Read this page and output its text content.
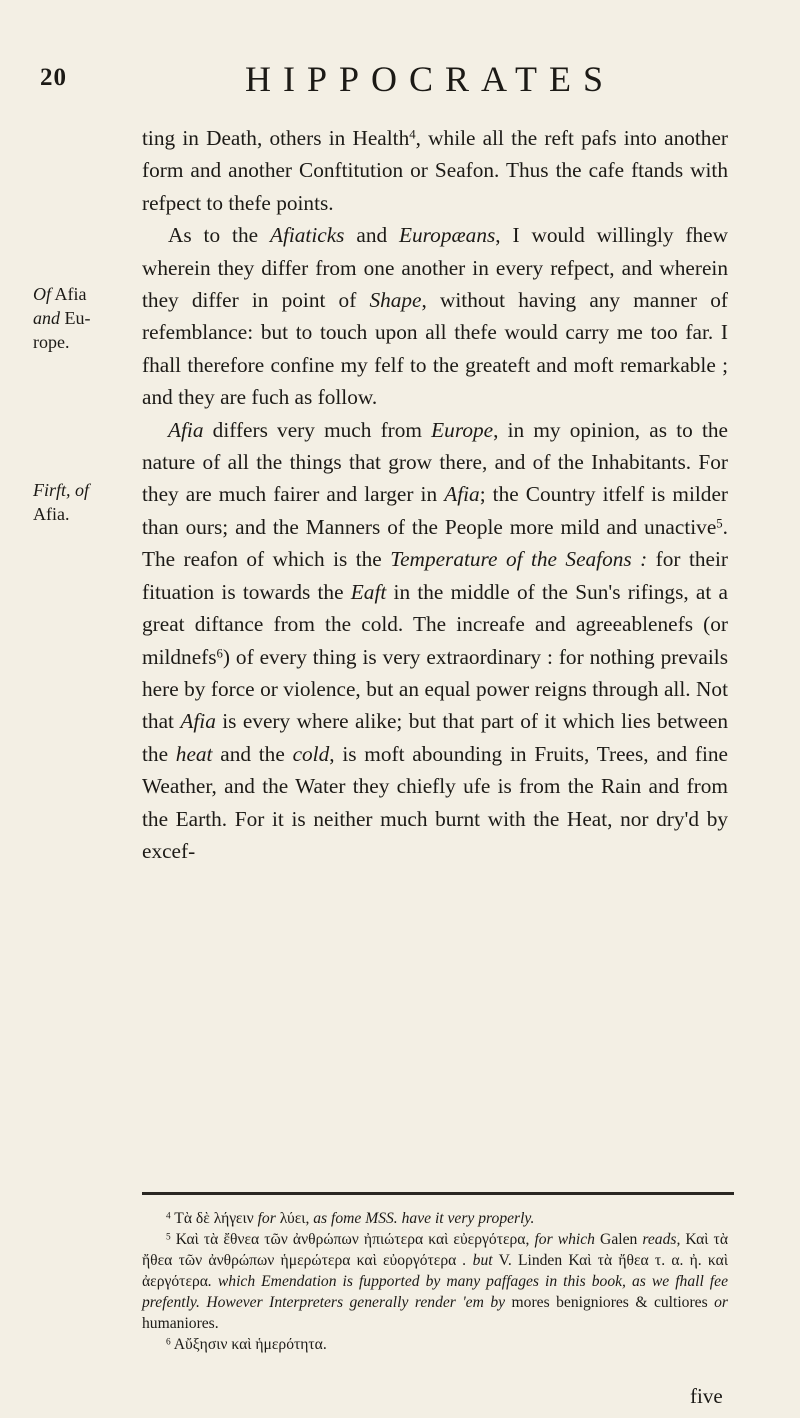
20	HIPPOCRATES
Of Afia
and Eu-
rope.
Firft, of
Afia.

ting in Death, others in Health$^4$, while all the reft pafs into another form and another Conftitution or Seafon. Thus the cafe ftands with refpect to thefe points.

As to the Afiaticks and Europæans, I would willingly fhew wherein they differ from one another in every refpect, and wherein they differ in point of Shape, without having any manner of refemblance: but to touch upon all thefe would carry me too far. I fhall therefore confine my felf to the greateft and moft remarkable ; and they are fuch as follow.

Afia differs very much from Europe, in my opinion, as to the nature of all the things that grow there, and of the Inhabitants. For they are much fairer and larger in Afia; the Country itfelf is milder than ours; and the Manners of the People more mild and unactive$^5$. The reafon of which is the Temperature of the Seafons : for their fituation is towards the Eaft in the middle of the Sun's rifings, at a great diftance from the cold. The increafe and agreeablenefs (or mildnefs$^6$) of every thing is very extraordinary : for nothing prevails here by force or violence, but an equal power reigns through all. Not that Afia is every where alike; but that part of it which lies between the heat and the cold, is moft abounding in Fruits, Trees, and fine Weather, and the Water they chiefly ufe is from the Rain and from the Earth. For it is neither much burnt with the Heat, nor dry'd by excef-

$^4$ Τὰ δὲ λήγειν for λύει, as fome MSS. have it very properly.

$^5$ Καὶ τὰ ἔθνεα τῶν ἀνθρώπων ἠπιώτερα καὶ εὐεργότερα, for which Galen reads, Καὶ τὰ ἤθεα τῶν ἀνθρώπων ἡμερώτερα καὶ εὐοργότερα . but V. Linden Καὶ τὰ ἤθεα τ. α. ἠ. καὶ ἀεργότερα. which Emendation is fupported by many paffages in this book, as we fhall fee prefently. However Interpreters generally render 'em by mores benigniores & cultiores or humaniores.

$^6$ Αὔξησιν καὶ ἡμερότητα.

five
